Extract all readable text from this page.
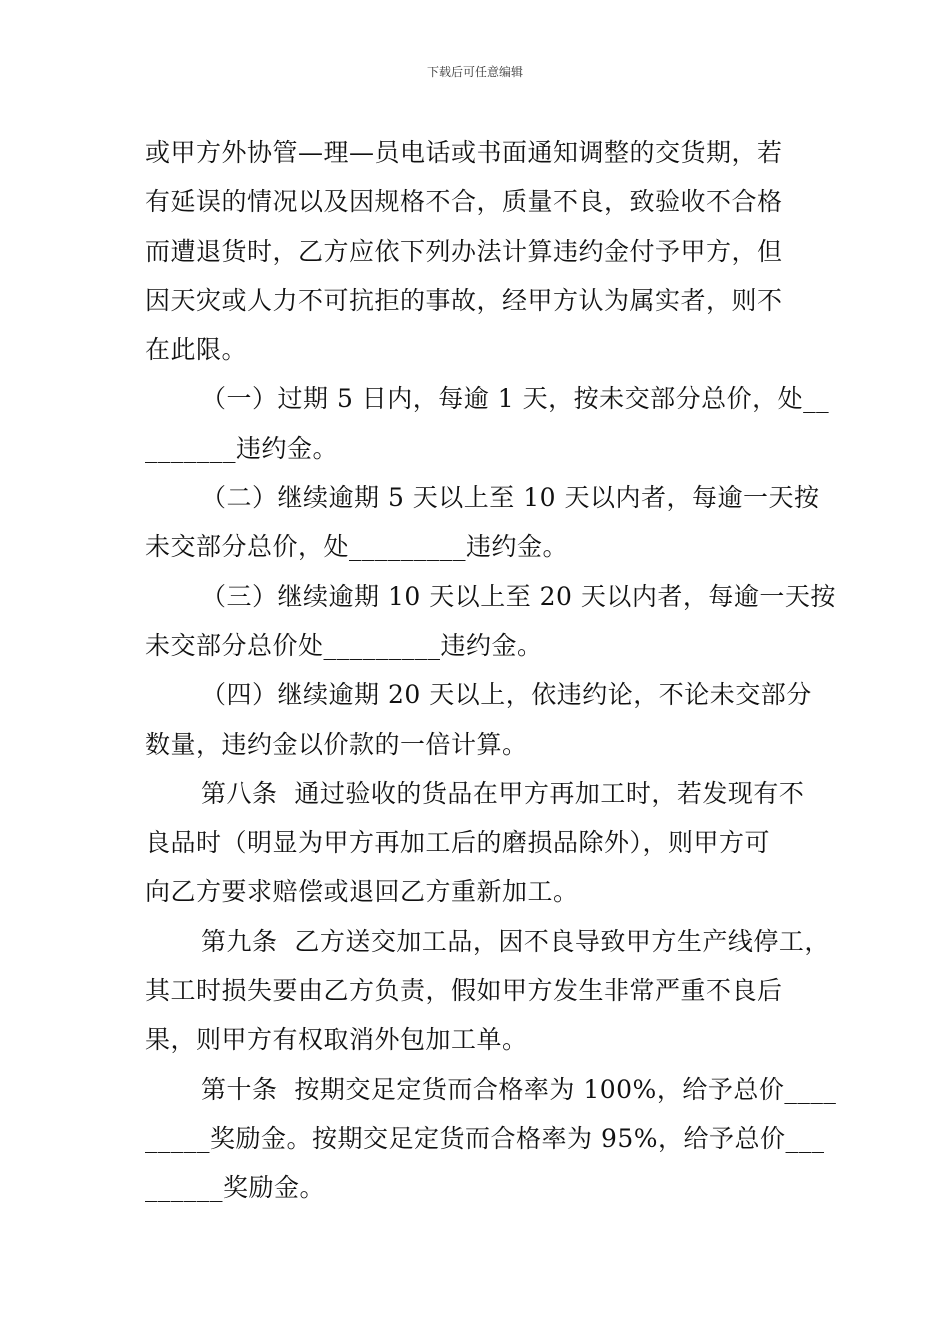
下载后可任意编辑
或甲方外协管—理—员电话或书面通知调整的交货期，若
有延误的情况以及因规格不合，质量不良，致验收不合格
而遭退货时，乙方应依下列办法计算违约金付予甲方，但
因天灾或人力不可抗拒的事故，经甲方认为属实者，则不
在此限。
（一）过期 5 日内，每逾 1 天，按未交部分总价，处__
_______违约金。
（二）继续逾期 5 天以上至 10 天以内者，每逾一天按
未交部分总价，处_________违约金。
（三）继续逾期 10 天以上至 20 天以内者，每逾一天按
未交部分总价处_________违约金。
（四）继续逾期 20 天以上，依违约论，不论未交部分
数量，违约金以价款的一倍计算。
第八条  通过验收的货品在甲方再加工时，若发现有不
良品时（明显为甲方再加工后的磨损品除外），则甲方可
向乙方要求赔偿或退回乙方重新加工。
第九条  乙方送交加工品，因不良导致甲方生产线停工，
其工时损失要由乙方负责，假如甲方发生非常严重不良后
果，则甲方有权取消外包加工单。
第十条  按期交足定货而合格率为 100%，给予总价____
_____奖励金。按期交足定货而合格率为 95%，给予总价___
______奖励金。
